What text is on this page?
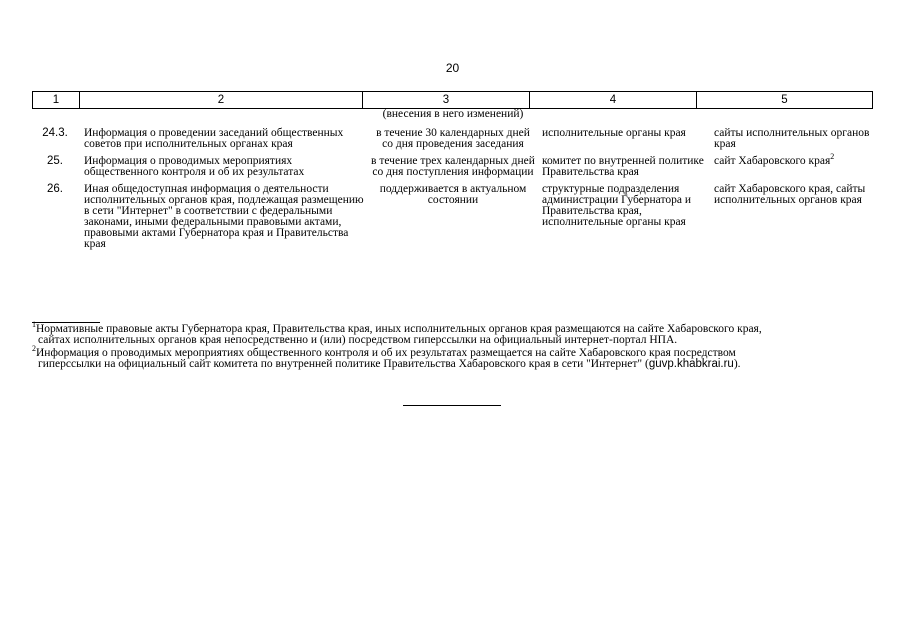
20
1	2	3	4	5
		(внесения в него изменений)		
24.3.	Информация о проведении заседаний общественных советов при исполнительных органах края	в течение 30 календарных дней со дня проведения заседания	исполнительные органы края	сайты исполнительных органов края
25.	Информация о проводимых мероприятиях общественного контроля и об их результатах	в течение трех календарных дней со дня поступления информации	комитет по внутренней политике Правительства края	сайт Хабаровского края$^2$
26.	Иная общедоступная информация о деятельности исполнительных органов края, подлежащая размещению в сети "Интернет" в соответствии с федеральными законами, иными федеральными правовыми актами, правовыми актами Губернатора края и Правительства края	поддерживается в актуальном состоянии	структурные подразделения администрации Губернатора и Правительства края, исполнительные органы края	сайт Хабаровского края, сайты исполнительных органов края

$^1$Нормативные правовые акты Губернатора края, Правительства края, иных исполнительных органов края размещаются на сайте Хабаровского края,
сайтах исполнительных органов края непосредственно и (или) посредством гиперссылки на официальный интернет-портал НПА.

$^2$Информация о проводимых мероприятиях общественного контроля и об их результатах размещается на сайте Хабаровского края посредством
гиперссылки на официальный сайт комитета по внутренней политике Правительства Хабаровского края в сети "Интернет" (guvp.khabkrai.ru).
